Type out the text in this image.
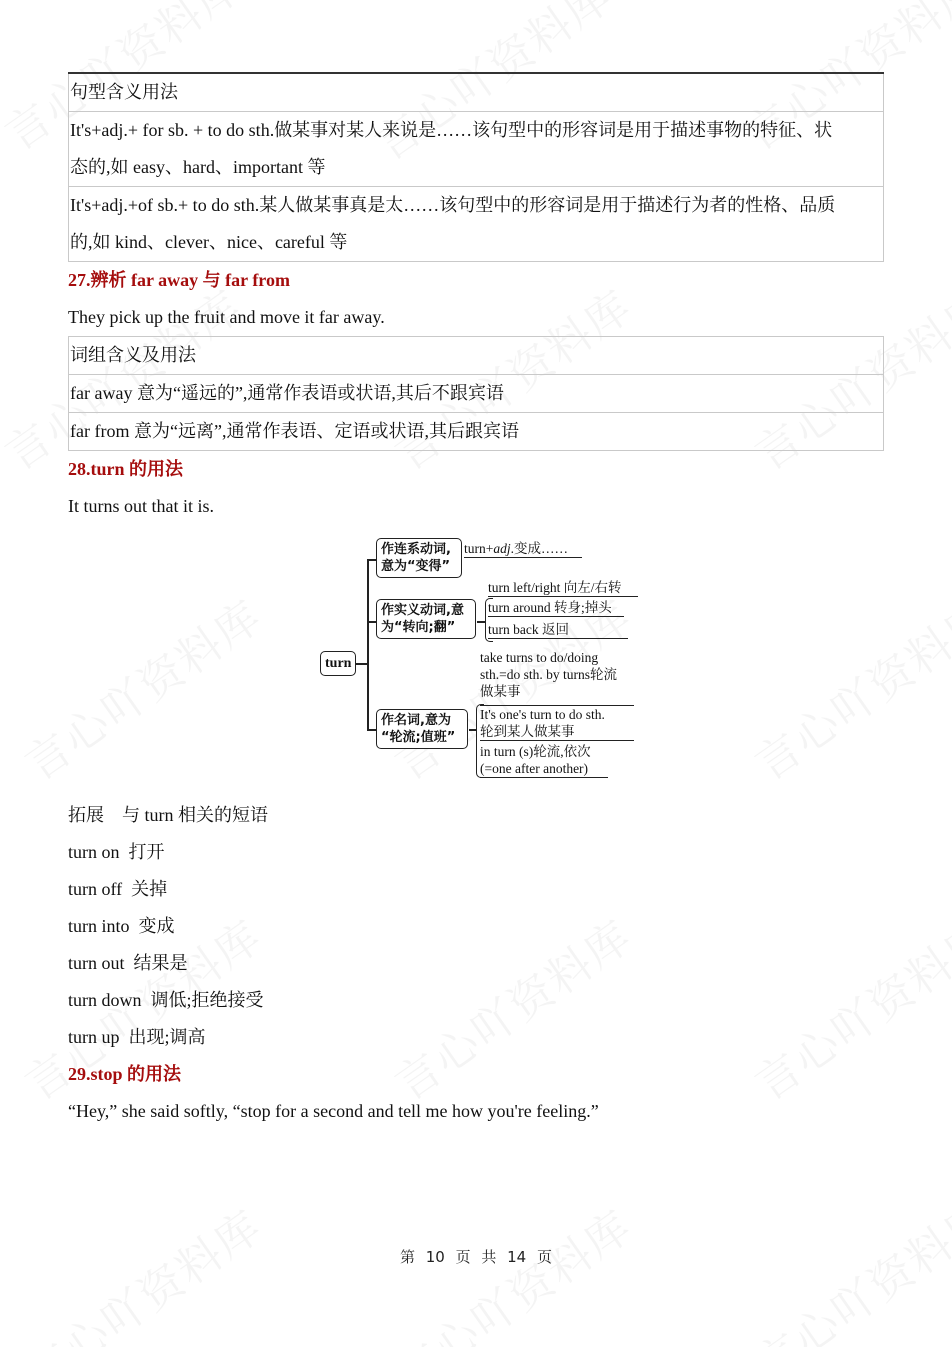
句型含义用法

It's+adj.+ for sb. + to do sth.做某事对某人来说是……该句型中的形容词是用于描述事物的特征、状
态的,如 easy、hard、important 等

It's+adj.+of sb.+ to do sth.某人做某事真是太……该句型中的形容词是用于描述行为者的性格、品质
的,如 kind、clever、nice、careful 等
27.辨析 far away 与 far from
They pick up the fruit and move it far away.
词组含义及用法
far away 意为“遥远的”,通常作表语或状语,其后不跟宾语
far from 意为“远离”,通常作表语、定语或状语,其后跟宾语
28.turn 的用法
It turns out that it is.
turn
作连系动词,
意为“变得”
turn+adj.变成……
作实义动词,意
为“转向;翻”
turn left/right 向左/右转
turn around 转身;掉头
turn back 返回
作名词,意为
“轮流;值班”
take turns to do/doing
sth.=do sth. by turns轮流
做某事
It's one's turn to do sth.
轮到某人做某事
in turn (s)轮流,依次
(=one after another)
拓展    与 turn 相关的短语
turn on  打开
turn off  关掉
turn into  变成
turn out  结果是
turn down  调低;拒绝接受
turn up  出现;调高
29.stop 的用法
“Hey,” she said softly, “stop for a second and tell me how you're feeling.”
第 10 页 共 14 页
